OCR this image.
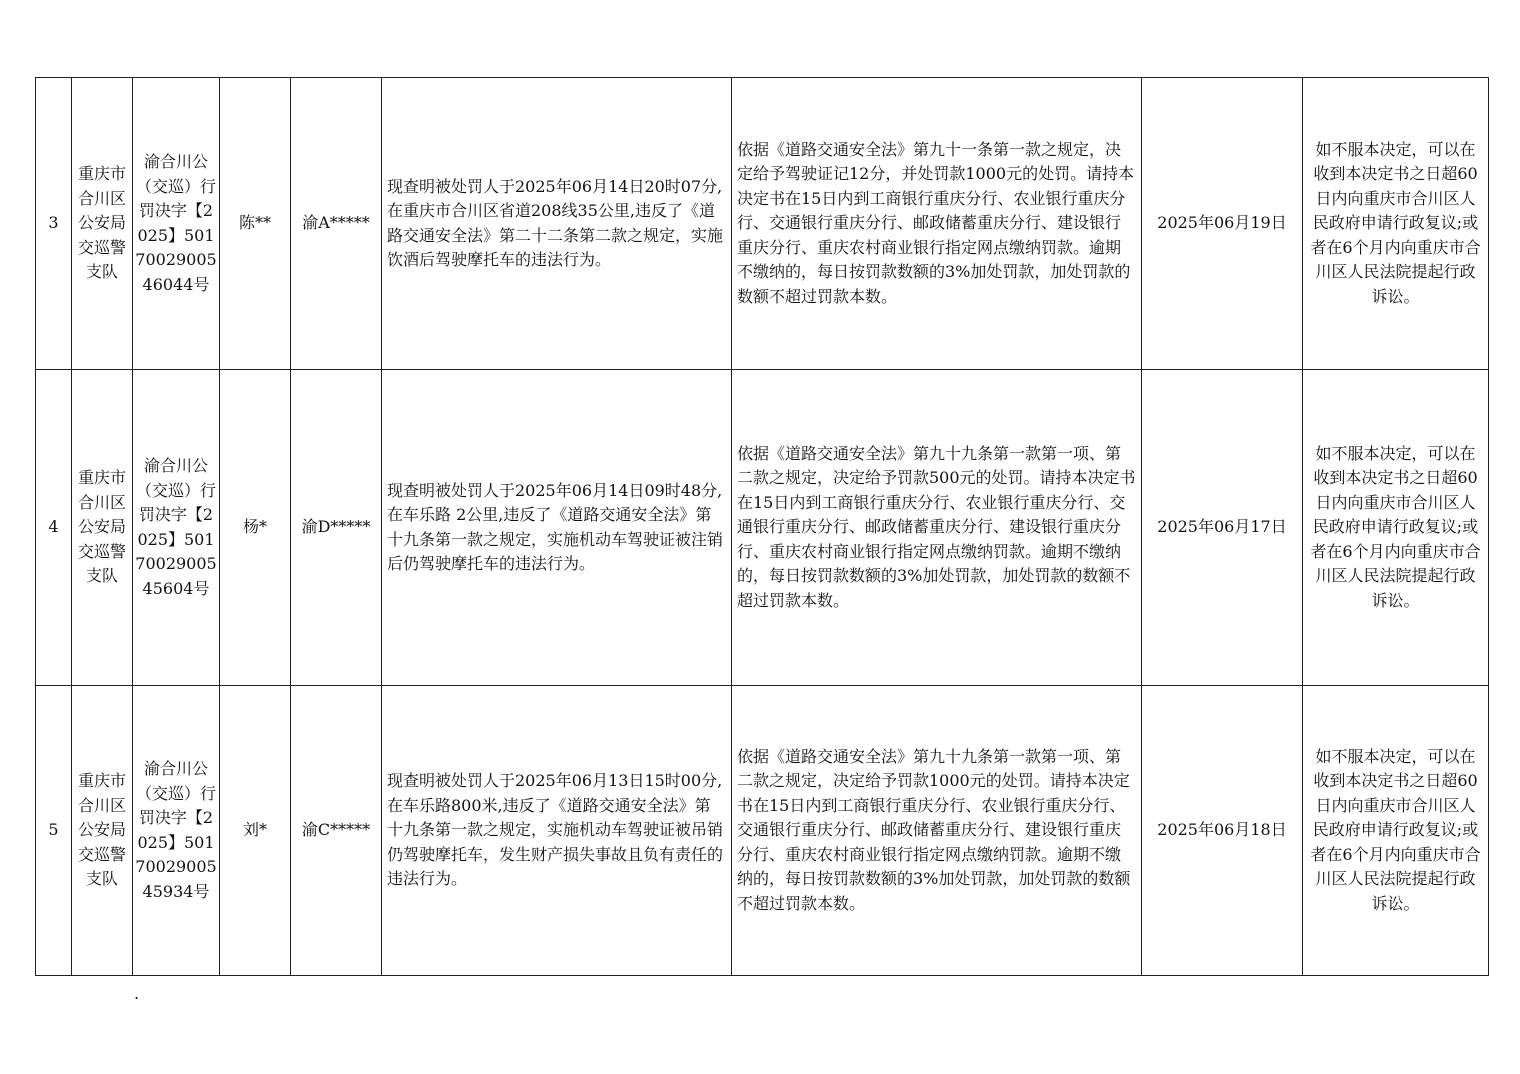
3	重庆市合川区公安局交巡警支队	渝合川公（交巡）行罚决字【2025】5017002900546044号	陈**	渝A*****	现查明被处罚人于2025年06月14日20时07分,在重庆市合川区省道208线35公里,违反了《道路交通安全法》第二十二条第二款之规定，实施饮酒后驾驶摩托车的违法行为。	依据《道路交通安全法》第九十一条第一款之规定，决定给予驾驶证记12分，并处罚款1000元的处罚。请持本决定书在15日内到工商银行重庆分行、农业银行重庆分行、交通银行重庆分行、邮政储蓄重庆分行、建设银行重庆分行、重庆农村商业银行指定网点缴纳罚款。逾期不缴纳的，每日按罚款数额的3%加处罚款，加处罚款的数额不超过罚款本数。	2025年06月19日	如不服本决定，可以在收到本决定书之日超60日内向重庆市合川区人民政府申请行政复议;或者在6个月内向重庆市合川区人民法院提起行政诉讼。
4	重庆市合川区公安局交巡警支队	渝合川公（交巡）行罚决字【2025】5017002900545604号	杨*	渝D*****	现查明被处罚人于2025年06月14日09时48分,在车乐路 2公里,违反了《道路交通安全法》第十九条第一款之规定，实施机动车驾驶证被注销后仍驾驶摩托车的违法行为。	依据《道路交通安全法》第九十九条第一款第一项、第二款之规定，决定给予罚款500元的处罚。请持本决定书在15日内到工商银行重庆分行、农业银行重庆分行、交通银行重庆分行、邮政储蓄重庆分行、建设银行重庆分行、重庆农村商业银行指定网点缴纳罚款。逾期不缴纳的，每日按罚款数额的3%加处罚款，加处罚款的数额不超过罚款本数。	2025年06月17日	如不服本决定，可以在收到本决定书之日超60日内向重庆市合川区人民政府申请行政复议;或者在6个月内向重庆市合川区人民法院提起行政诉讼。
5	重庆市合川区公安局交巡警支队	渝合川公（交巡）行罚决字【2025】5017002900545934号	刘*	渝C*****	现查明被处罚人于2025年06月13日15时00分,在车乐路800米,违反了《道路交通安全法》第十九条第一款之规定，实施机动车驾驶证被吊销仍驾驶摩托车，发生财产损失事故且负有责任的违法行为。	依据《道路交通安全法》第九十九条第一款第一项、第二款之规定，决定给予罚款1000元的处罚。请持本决定书在15日内到工商银行重庆分行、农业银行重庆分行、交通银行重庆分行、邮政储蓄重庆分行、建设银行重庆分行、重庆农村商业银行指定网点缴纳罚款。逾期不缴纳的，每日按罚款数额的3%加处罚款，加处罚款的数额不超过罚款本数。	2025年06月18日	如不服本决定，可以在收到本决定书之日超60日内向重庆市合川区人民政府申请行政复议;或者在6个月内向重庆市合川区人民法院提起行政诉讼。
.
